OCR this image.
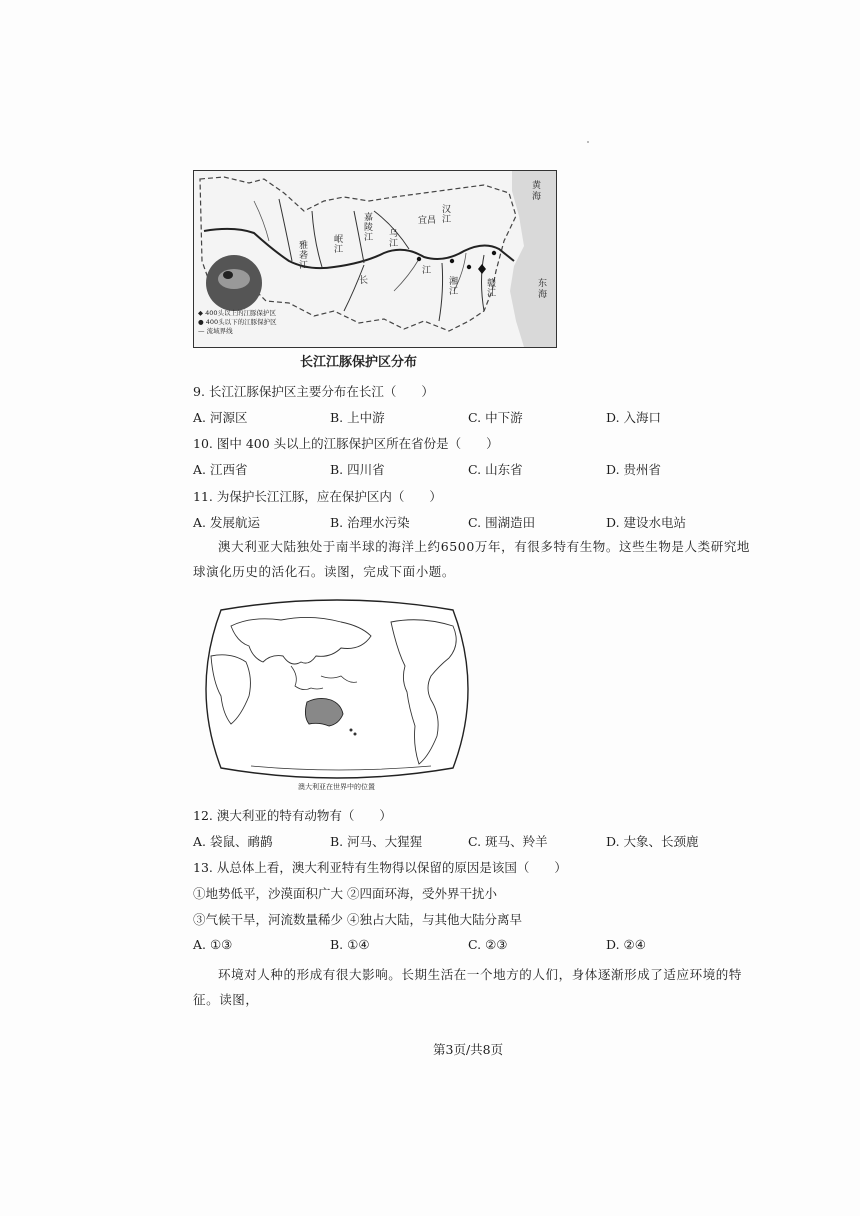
黄
海
东
海
雅
砻
江
岷
江
嘉
陵
江
汉
江
宜昌
乌
江
湘
江
赣
江
长
江
◆ 400头以上的江豚保护区
● 400头以下的江豚保护区
— 流域界线
长江江豚保护区分布
9. 长江江豚保护区主要分布在长江（　　）
A. 河源区	B. 上中游	C. 中下游	D. 入海口
10. 图中 400 头以上的江豚保护区所在省份是（　　）
A. 江西省	B. 四川省	C. 山东省	D. 贵州省
11. 为保护长江江豚，应在保护区内（　　）
A. 发展航运	B. 治理水污染	C. 围湖造田	D. 建设水电站
澳大利亚大陆独处于南半球的海洋上约6500万年，有很多特有生物。这些生物是人类研究地球演化历史的活化石。读图，完成下面小题。
澳大利亚在世界中的位置
12. 澳大利亚的特有动物有（　　）
A. 袋鼠、鸸鹋	B. 河马、大猩猩	C. 斑马、羚羊	D. 大象、长颈鹿
13. 从总体上看，澳大利亚特有生物得以保留的原因是该国（　　）
①地势低平，沙漠面积广大 ②四面环海，受外界干扰小
③气候干旱，河流数量稀少 ④独占大陆，与其他大陆分离早
A. ①③	B. ①④	C. ②③	D. ②④
环境对人种的形成有很大影响。长期生活在一个地方的人们，身体逐渐形成了适应环境的特征。读图，
第3页/共8页
